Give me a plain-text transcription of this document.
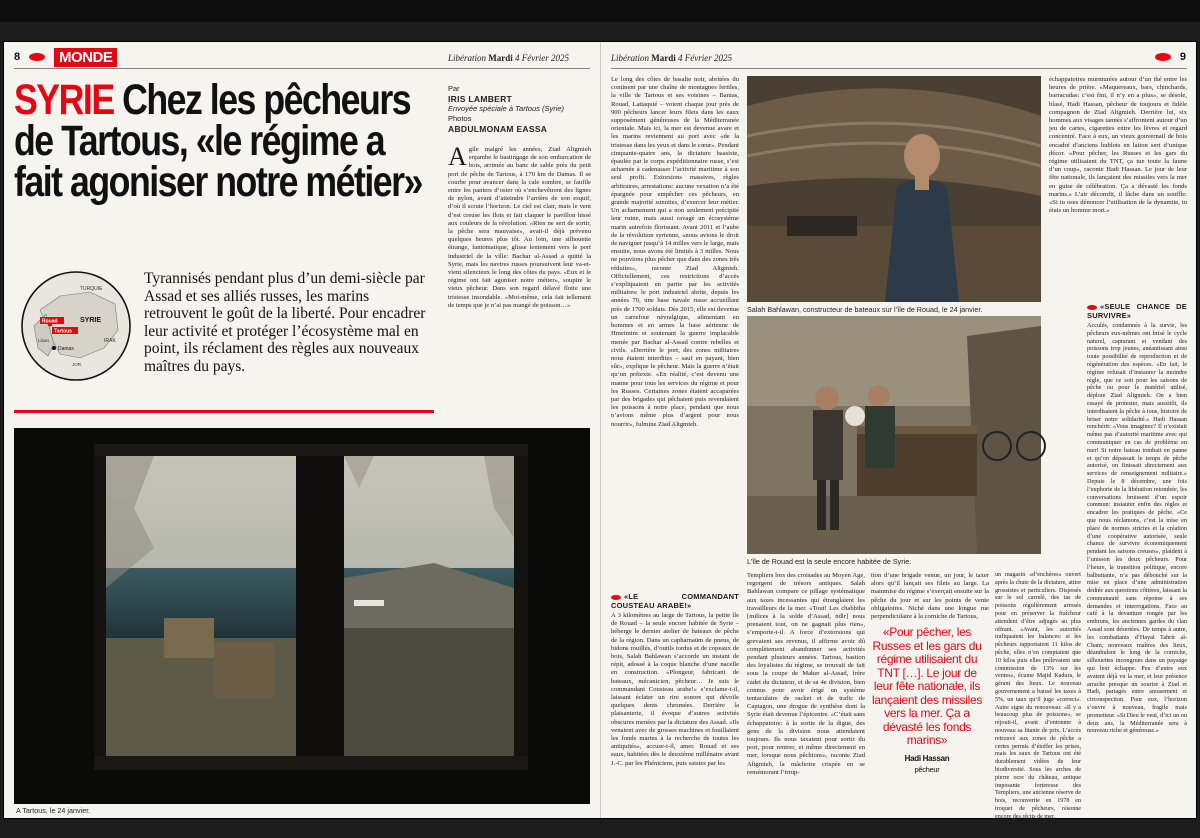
8	MONDE	Libération Mardi 4 Février 2025
SYRIE Chez les pêcheurs de Tartous, «le régime a fait agoniser notre métier»
Par
IRIS LAMBERT
Envoyée spéciale à Tartous (Syrie)
Photos
ABDULMONAM EASSA
A gile malgré les années, Ziad Altgmieh enjambe le bastingage de son embarcation de bois, arrimée au banc de sable près du petit port de pêche de Tartous, à 170 km de Damas. Il se courbe pour avancer dans la cale sombre, se faufile entre les paniers d’osier où s’enchevêtrent des lignes de nylon, avant d’atteindre l’arrière de son esquif, d’où il scrute l’horizon. Le ciel est clair, mais le vent d’est creuse les flots et fait claquer le pavillon hissé aux couleurs de la révolution. «Rien ne sert de sortir, la pêche sera mauvaise», avait-il déjà prévenu quelques heures plus tôt. Au loin, une silhouette étrange, fantomatique, glisse lentement vers le port industriel de la ville: Bachar al-Assad a quitté la Syrie, mais les navires russes poursuivent leur va-et-vient silencieux le long des côtes du pays. «Eux et le régime ont fait agoniser notre métier», soupire le vieux pêcheur. Dans son regard délavé flotte une tristesse insondable. «Moi-même, cela fait tellement de temps que je n’ai pas mangé de poisson…»
TURQUIE
SYRIE
Rouad
Tartous
Liban
Damas
IRAK
JOR.
Tyrannisés pendant plus d’un demi-siècle par Assad et ses alliés russes, les marins retrouvent le goût de la liberté. Pour encadrer leur activité et protéger l’écosystème mal en point, ils réclament des règles aux nouveaux maîtres du pays.
A Tartous, le 24 janvier.
Libération Mardi 4 Février 2025	9
Le long des côtes de basalte noir, abritées du continent par une chaîne de montagnes fertiles, la ville de Tartous et ses voisines – Banias, Rouad, Lattaquié – voient chaque jour près de 900 pêcheurs lancer leurs filets dans les eaux supposément généreuses de la Méditerranée orientale. Mais ici, la mer est devenue avare et les marins reviennent au port avec «de la tristesse dans les yeux et dans le cœur». Pendant cinquante-quatre ans, la dictature baasiste, épaulée par le corps expéditionnaire russe, s’est acharnée à cadenasser l’activité maritime à son seul profit. Extorsions massives, règles arbitraires, arrestations: aucune vexation n’a été épargnée pour empêcher ces pêcheurs, en grande majorité sunnites, d’exercer leur métier. Un acharnement qui a non seulement précipité leur ruine, mais aussi ravagé un écosystème marin autrefois florissant. Avant 2011 et l’aube de la révolution syrienne, «nous avions le droit de naviguer jusqu’à 14 milles vers le large, mais ensuite, nous avons été limités à 3 milles. Nous ne pouvions plus pêcher que dans des zones très réduites», raconte Ziad Altgmieh. Officiellement, ces restrictions d’accès s’expliquaient en partie par les activités militaires: le port industriel abrite, depuis les années 70, une base navale russe accueillant près de 1700 soldats. Dès 2015, elle est devenue un carrefour névralgique, alimentant en hommes et en armes la base aérienne de Hmeimim et soutenant la guerre implacable menée par Bachar al-Assad contre rebelles et civils. «Derrière le port, des zones militaires nous étaient interdites – sauf en payant, bien sûr», explique le pêcheur. Mais la guerre n’était qu’un prétexte. «En réalité, c’est devenu une manne pour tous les services du régime et pour les Russes. Certaines zones étaient accaparées par des brigades qui pêchaient puis revendaient les poissons à notre place, pendant que nous n’avions même plus d’argent pour nous nourrir», fulmine Ziad Altgmieh.
«LE COMMANDANT COUSTEAU ARABE!»
A 3 kilomètres au large de Tartous, la petite île de Rouad – la seule encore habitée de Syrie – héberge le dernier atelier de bateaux de pêche de la région. Dans un capharnaüm de pneus, de bidons rouillés, d’outils tordus et de copeaux de bois, Salah Bahlawan s’accorde un instant de répit, adossé à la coque blanche d’une nacelle en construction. «Plongeur, fabricant de bateaux, mécanicien, pêcheur… Je suis le commandant Cousteau arabe!» s’exclame-t-il, laissant éclater un rire sonore qui dévoile quelques dents chromées. Derrière la plaisanterie, il évoque d’autres activités obscures menées par la dictature des Assad. «Ils venaient avec de grosses machines et fouillaient les fonds marins à la recherche de toutes les antiquités», accuse-t-il, amer. Rouad et ses eaux, habitées dès le deuxième millénaire avant J.-C. par les Phéniciens, puis saisies par les
Salah Bahlawan, constructeur de bateaux sur l’île de Rouad, le 24 janvier.
L’île de Rouad est la seule encore habitée de Syrie.
Templiers lors des croisades au Moyen Age, regorgent de trésors antiques. Salah Bahlawan compare ce pillage systématique aux taxes incessantes qui étranglaient les travailleurs de la mer. «Tout! Les chabbiha [milices à la solde d’Assad, ndlr] nous prenaient tout, on ne gagnait plus rien», s’emporte-t-il. A force d’extorsions qui grevaient ses revenus, il affirme avoir dû complètement abandonner ses activités pendant plusieurs années. Tartous, bastion des loyalistes du régime, se trouvait de fait sous la coupe de Maher al-Assad, frère cadet du dictateur, et de sa 4e division, bien connus pour avoir érigé un système tentaculaire de racket et de trafic de Captagon, une drogue de synthèse dont la Syrie était devenue l’épicentre. «C’était sans échappatoire: à la sortie de la digue, des gens de la division nous attendaient toujours. Ils nous taxaient pour sortir du port, pour rentrer, et même directement en mer, lorsque nous pêchions», raconte Ziad Altgmieh, la mâchoire crispée en se remémorant l’irrup-
tion d’une brigade venue, un jour, le taxer alors qu’il lançait ses filets au large. La mainmise du régime s’exerçait ensuite sur la pêche du jour et sur les points de vente obligatoires. Niché dans une longue rue perpendiculaire à la corniche de Tartous,
«Pour pêcher, les Russes et les gars du régime utilisaient du TNT […]. Le jour de leur fête nationale, ils lançaient des missiles vers la mer. Ça a dévasté les fonds marins»
Hadi Hassan
pêcheur
un magasin «d’enchères» ouvert après la chute de la dictature, attire grossistes et particuliers. Disposés sur le sol carrelé, des tas de poissons régulièrement arrosés pour en préserver la fraîcheur attendent d’être adjugés au plus offrant. «Avant, les autorités trafiquaient les balances: si les pêcheurs rapportaient 11 kilos de pêche, elles n’en comptaient que 10 kilos puis elles prélevaient une commission de 13% sur les ventes», écume Majid Kadura, le gérant des lieux. Le nouveau gouvernement a baissé les taxes à 5%, un taux qu’il juge «correct». Autre signe du renouveau: «Il y a beaucoup plus de poissons», se réjouit-il, avant d’entonner à nouveau sa litanie de prix. L’accès retrouvé aux zones de pêche a certes permis d’étoffer les prises, mais les eaux de Tartous ont été durablement vidées de leur biodiversité. Sous les arches de pierre ocre du château, antique imposante forteresse des Templiers, une ancienne réserve de bois, reconvertie en 1978 en troquet de pêcheurs, résonne encore des récits de mer,
échappatoires murmurées autour d’un thé entre les heures de prière. «Maquereaux, bars, chinchards, barracudas: c’est fini, il n’y en a plus», se désole, blasé, Hadi Hassan, pêcheur de toujours et fidèle compagnon de Ziad Altgmieh. Derrière lui, six hommes aux visages tannés s’affrontent autour d’un jeu de cartes, cigarettes entre les lèvres et regard concentré. Face à eux, un vieux gouvernail de bois encadré d’anciens hublots en laiton sert d’unique décor. «Pour pêcher, les Russes et les gars du régime utilisaient du TNT, ça tue toute la faune d’un coup», raconte Hadi Hassan. Le jour de leur fête nationale, ils lançaient des missiles vers la mer en guise de célébration. Ça a dévasté les fonds marins.» L’air décomfit, il lâche dans un souffle: «Si tu oses dénoncer l’utilisation de la dynamite, tu étais un homme mort.»
«SEULE CHANCE DE SURVIVRE»
Acculés, condamnés à la survie, les pêcheurs eux-mêmes ont brisé le cycle naturel, capturant et vendant des poissons trop jeunes, anéantissant ainsi toute possibilité de reproduction et de régénération des espèces. «En fait, le régime refusait d’instaurer la moindre règle, que ce soit pour les saisons de pêche ou pour le matériel utilisé, déplore Ziad Altgmieh. On a bien essayé de protester, mais aussitôt, ils interdisaient la pêche à tous, histoire de briser notre solidarité.» Hadi Hassan renchérit: «Vous imaginez? Il n’existait même pas d’autorité maritime avec qui communiquer en cas de problème en mer! Si notre bateau tombait en panne et qu’on dépassait le temps de pêche autorisé, on finissait directement aux services de renseignement militaire.» Depuis le 8 décembre, une fois l’euphorie de la libération retombée, les conversations bruissent d’un espoir commun: instaurer enfin des règles et encadrer les pratiques de pêche. «Ce que nous réclamons, c’est la mise en place de normes strictes et la création d’une coopérative autorisée, seule chance de survivre économiquement pendant les saisons creuses», plaident à l’unisson les deux pêcheurs. Pour l’heure, la transition politique, encore balbutiante, n’a pas débouché sur la mise en place d’une administration dédiée aux questions côtières, laissant la communauté sans réponse à ses demandes et interrogations. Face au café à la devanture rongée par les embruns, les anciennes gardes du clan Assad sont désertées. De temps à autre, les combattants d’Hayat Tahrir al-Cham, nouveaux maîtres des lieux, déambulent le long de la corniche, silhouettes incongrues dans un paysage qui leur échappe. Peu d’entre eux avaient déjà vu la mer, et leur présence arrache presque un sourire à Ziad et Hadi, partagés entre amusement et circonspection. Pour eux, l’horizon s’ouvre à nouveau, fragile mais prometteur. «Si Dieu le veut, d’ici un ou deux ans, la Méditerranée sera à nouveau riche et généreuse.»
